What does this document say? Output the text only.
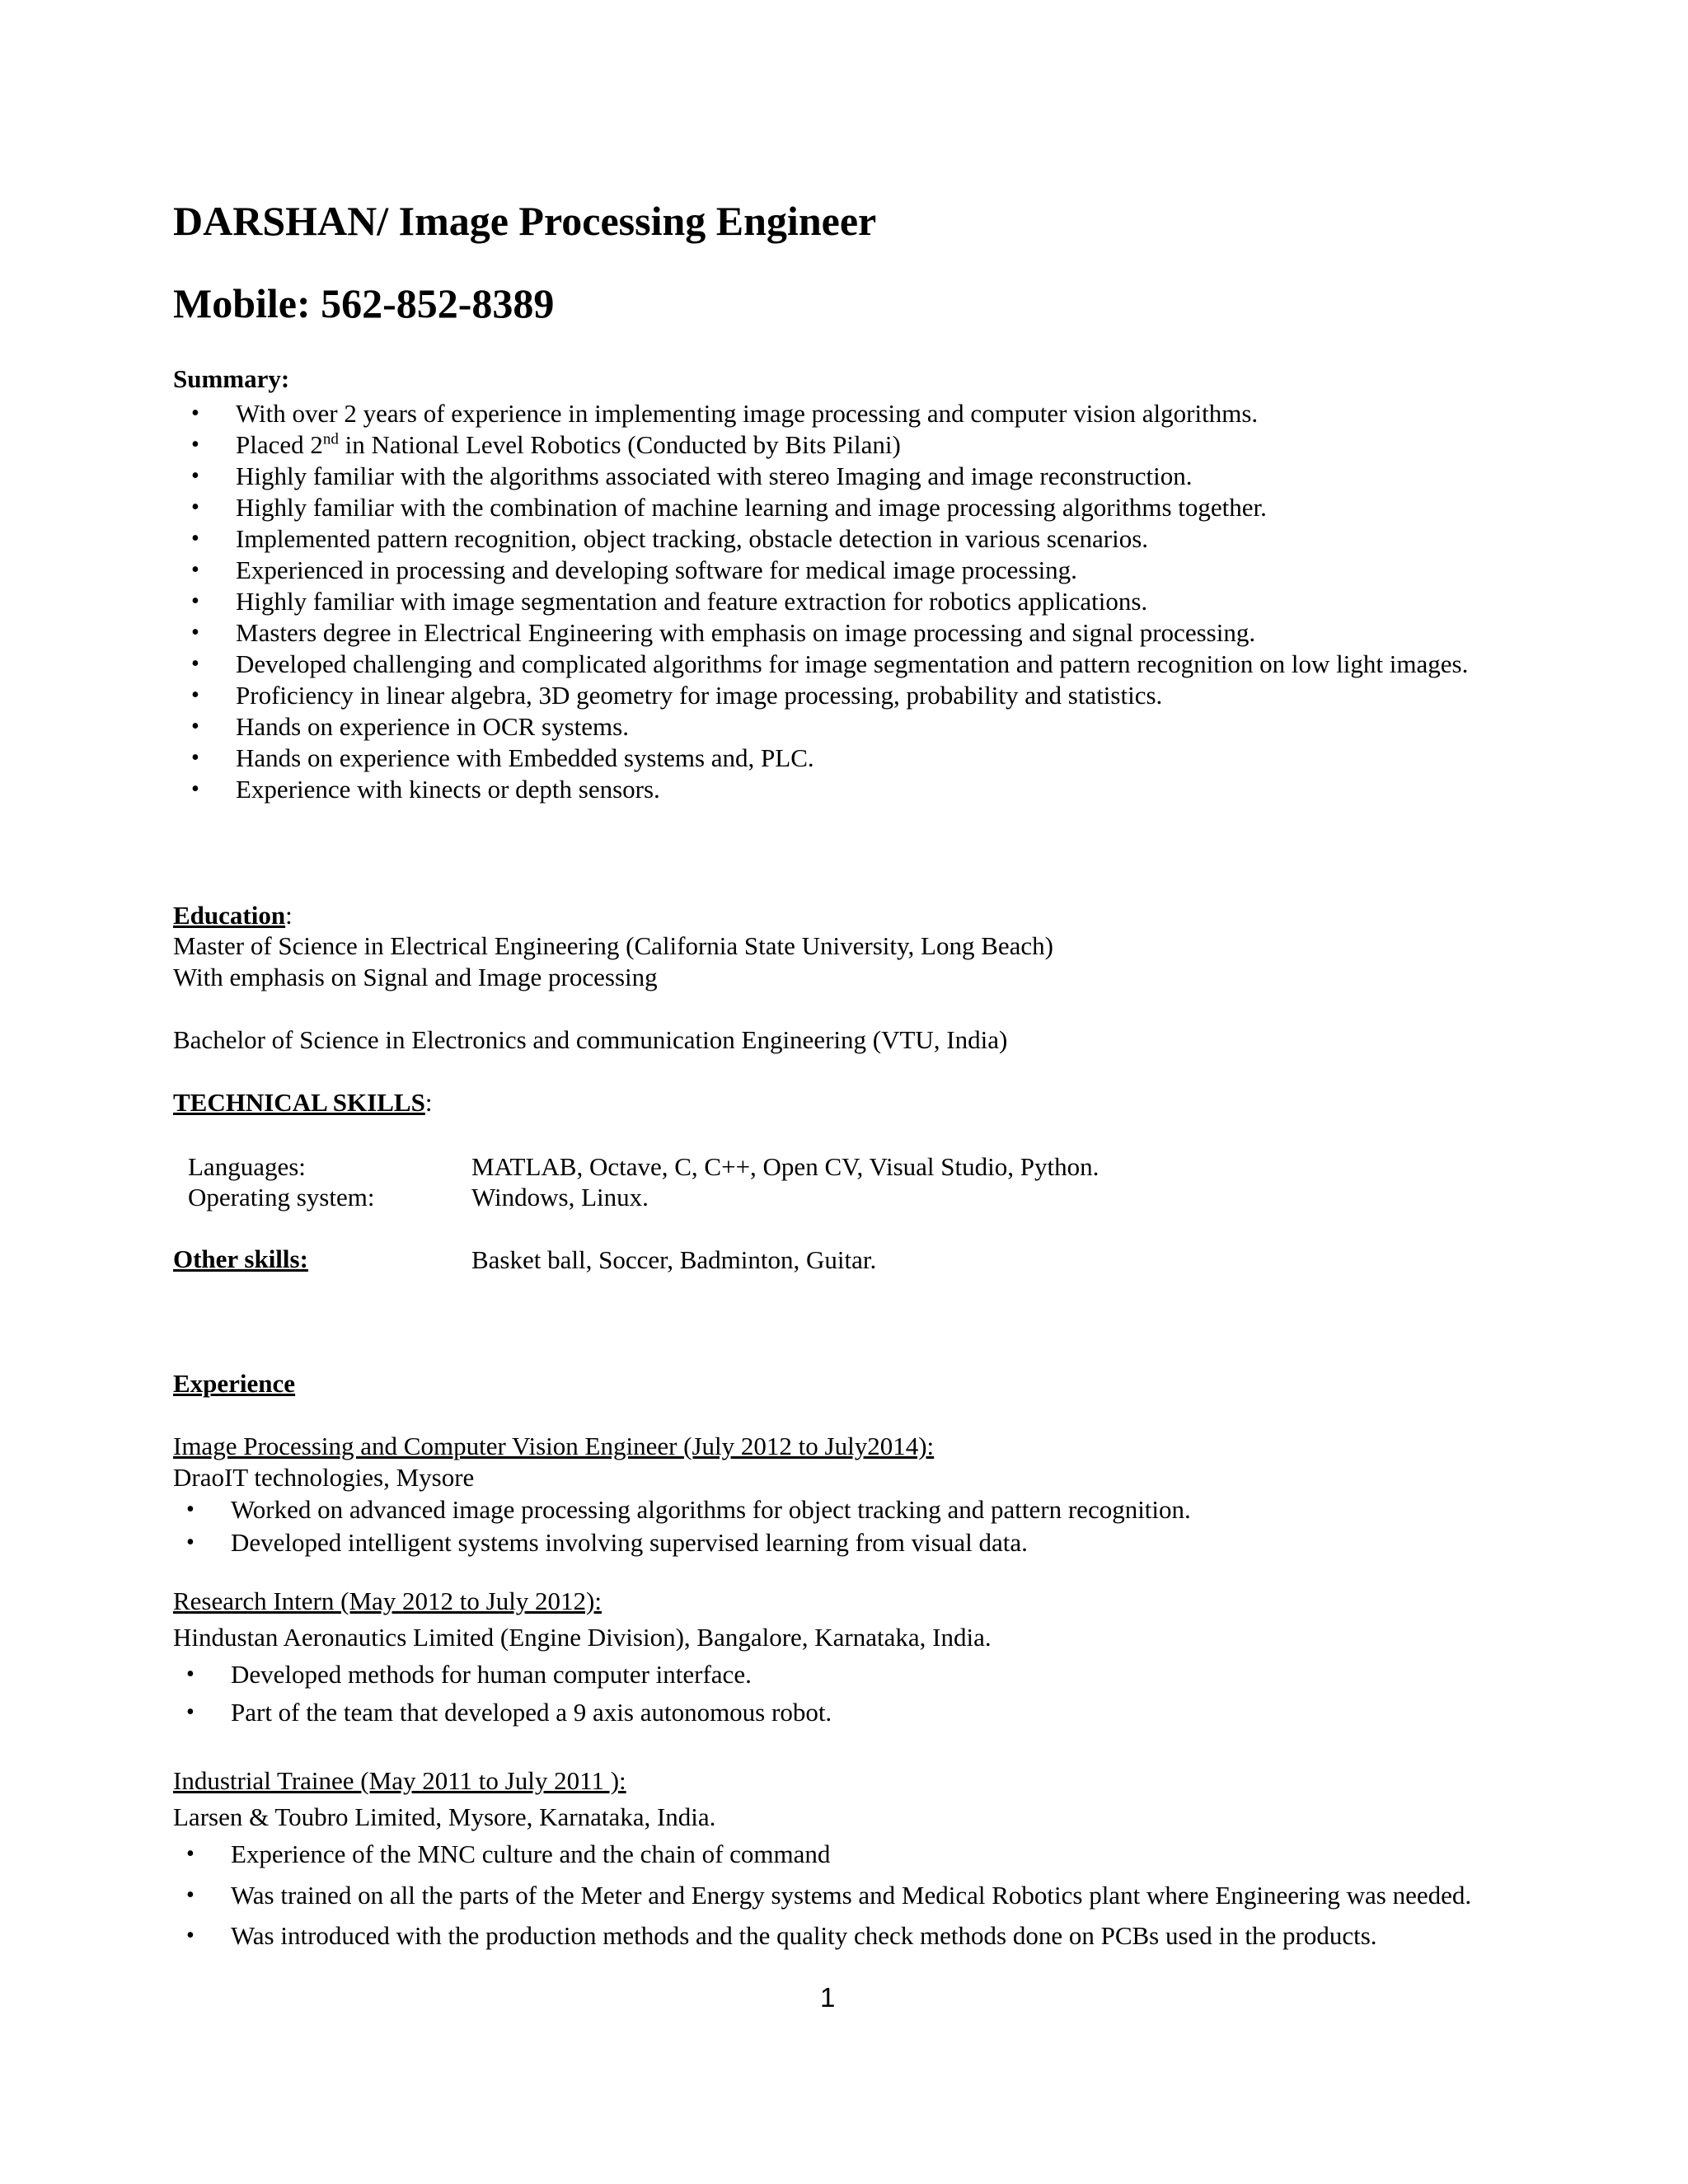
DARSHAN/ Image Processing Engineer
Mobile: 562-852-8389
Summary:
• With over 2 years of experience in implementing image processing and computer vision algorithms.
• Placed 2nd in National Level Robotics (Conducted by Bits Pilani)
• Highly familiar with the algorithms associated with stereo Imaging and image reconstruction.
• Highly familiar with the combination of machine learning and image processing algorithms together.
• Implemented pattern recognition, object tracking, obstacle detection in various scenarios.
• Experienced in processing and developing software for medical image processing.
• Highly familiar with image segmentation and feature extraction for robotics applications.
• Masters degree in Electrical Engineering with emphasis on image processing and signal processing.
• Developed challenging and complicated algorithms for image segmentation and pattern recognition on low light images.
• Proficiency in linear algebra, 3D geometry for image processing, probability and statistics.
• Hands on experience in OCR systems.
• Hands on experience with Embedded systems and, PLC.
• Experience with kinects or depth sensors.
Education:
Master of Science in Electrical Engineering (California State University, Long Beach)
With emphasis on Signal and Image processing
Bachelor of Science in Electronics and communication Engineering (VTU, India)
TECHNICAL SKILLS:
Languages:	MATLAB, Octave, C, C++, Open CV, Visual Studio, Python.
Operating system:	Windows, Linux.
Other skills:	Basket ball, Soccer, Badminton, Guitar.
Experience
Image Processing and Computer Vision Engineer (July 2012 to July2014):
DraoIT technologies, Mysore
• Worked on advanced image processing algorithms for object tracking and pattern recognition.
• Developed intelligent systems involving supervised learning from visual data.
Research Intern (May 2012 to July 2012):
Hindustan Aeronautics Limited (Engine Division), Bangalore, Karnataka, India.
• Developed methods for human computer interface.
• Part of the team that developed a 9 axis autonomous robot.
Industrial Trainee (May 2011 to July 2011 ):
Larsen & Toubro Limited, Mysore, Karnataka, India.
• Experience of the MNC culture and the chain of command
• Was trained on all the parts of the Meter and Energy systems and Medical Robotics plant where Engineering was needed.
• Was introduced with the production methods and the quality check methods done on PCBs used in the products.
1
